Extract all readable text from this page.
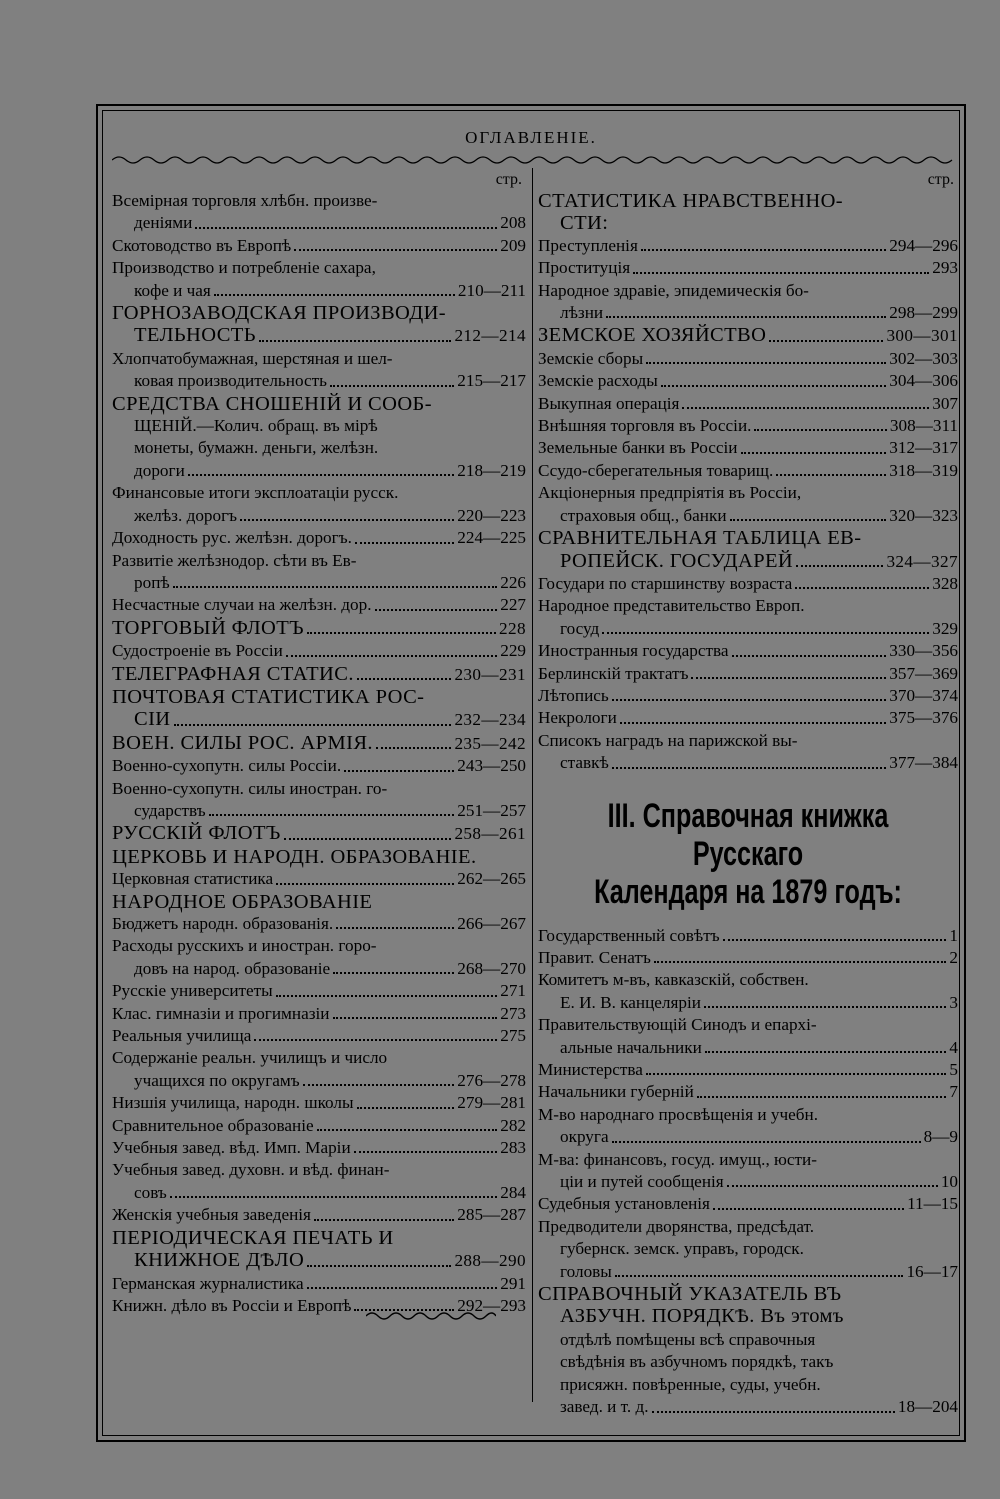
ОГЛАВЛЕНІЕ.
стр.
Всемірная торговля хлѣбн. произве-
деніями	208
Скотоводство въ Европѣ	209
Производство и потребленіе сахара,
кофе и чая	210—211
ГОРНОЗАВОДСКАЯ ПРОИЗВОДИ-
ТЕЛЬНОСТЬ	212—214
Хлопчатобумажная, шерстяная и шел-
ковая производительность	215—217
СРЕДСТВА СНОШЕНІЙ И СООБ-
ЩЕНІЙ.—Колич. обращ. въ мірѣ
монеты, бумажн. деньги, желѣзн.
дороги	218—219
Финансовые итоги эксплоатаціи русск.
желѣз. дорогъ	220—223
Доходность рус. желѣзн. дорогъ.	224—225
Развитіе желѣзнодор. сѣти въ Ев-
ропѣ	226
Несчастные случаи на желѣзн. дор.	227
ТОРГОВЫЙ ФЛОТЪ	228
Судостроеніе въ Россіи	229
ТЕЛЕГРАФНАЯ СТАТИС.	230—231
ПОЧТОВАЯ СТАТИСТИКА РОС-
СІИ	232—234
ВОЕН. СИЛЫ РОС. АРМІЯ.	235—242
Военно-сухопутн. силы Россіи.	243—250
Военно-сухопутн. силы иностран. го-
сударствъ	251—257
РУССКІЙ ФЛОТЪ	258—261
ЦЕРКОВЬ И НАРОДН. ОБРАЗОВАНІЕ.
Церковная статистика	262—265
НАРОДНОЕ ОБРАЗОВАНІЕ
Бюджетъ народн. образованія.	266—267
Расходы русскихъ и иностран. горо-
довъ на народ. образованіе	268—270
Русскіе университеты	271
Клас. гимназіи и прогимназіи	273
Реальныя училища	275
Содержаніе реальн. училищъ и число
учащихся по округамъ	276—278
Низшія училища, народн. школы	279—281
Сравнительное образованіе	282
Учебныя завед. вѣд. Имп. Маріи	283
Учебныя завед. духовн. и вѣд. финан-
совъ	284
Женскія учебныя заведенія	285—287
ПЕРІОДИЧЕСКАЯ ПЕЧАТЬ И
КНИЖНОЕ ДѢЛО	288—290
Германская журналистика	291
Книжн. дѣло въ Россіи и Европѣ	292—293
стр.
СТАТИСТИКА НРАВСТВЕННО-
СТИ:
Преступленія	294—296
Проституція	293
Народное здравіе, эпидемическія бо-
лѣзни	298—299
ЗЕМСКОЕ ХОЗЯЙСТВО	300—301
Земскіе сборы	302—303
Земскіе расходы	304—306
Выкупная операція	307
Внѣшняя торговля въ Россіи.	308—311
Земельные банки въ Россіи	312—317
Ссудо-сберегательныя товарищ.	318—319
Акціонерныя предпріятія въ Россіи,
страховыя общ., банки	320—323
СРАВНИТЕЛЬНАЯ ТАБЛИЦА ЕВ-
РОПЕЙСК. ГОСУДАРЕЙ	324—327
Государи по старшинству возраста	328
Народное представительство Европ.
госуд	329
Иностранныя государства	330—356
Берлинскій трактатъ	357—369
Лѣтопись	370—374
Некрологи	375—376
Списокъ наградъ на парижской вы-
ставкѣ	377—384
III. Справочная книжка Русскаго
Календаря на 1879 годъ:
Государственный совѣтъ	1
Правит. Сенатъ	2
Комитетъ м-въ, кавказскій, собствен.
Е. И. В. канцеляріи	3
Правительствующій Синодъ и епархі-
альные начальники	4
Министерства	5
Начальники губерній	7
М-во народнаго просвѣщенія и учебн.
округа	8—9
М-ва: финансовъ, госуд. имущ., юсти-
ціи и путей сообщенія	10
Судебныя установленія	11—15
Предводители дворянства, предсѣдат.
губернск. земск. управъ, городск.
головы	16—17
СПРАВОЧНЫЙ УКАЗАТЕЛЬ ВЪ
АЗБУЧН. ПОРЯДКѢ. Въ этомъ
отдѣлѣ помѣщены всѣ справочныя
свѣдѣнія въ азбучномъ порядкѣ, такъ
присяжн. повѣренные, суды, учебн.
завед. и т. д.	18—204
